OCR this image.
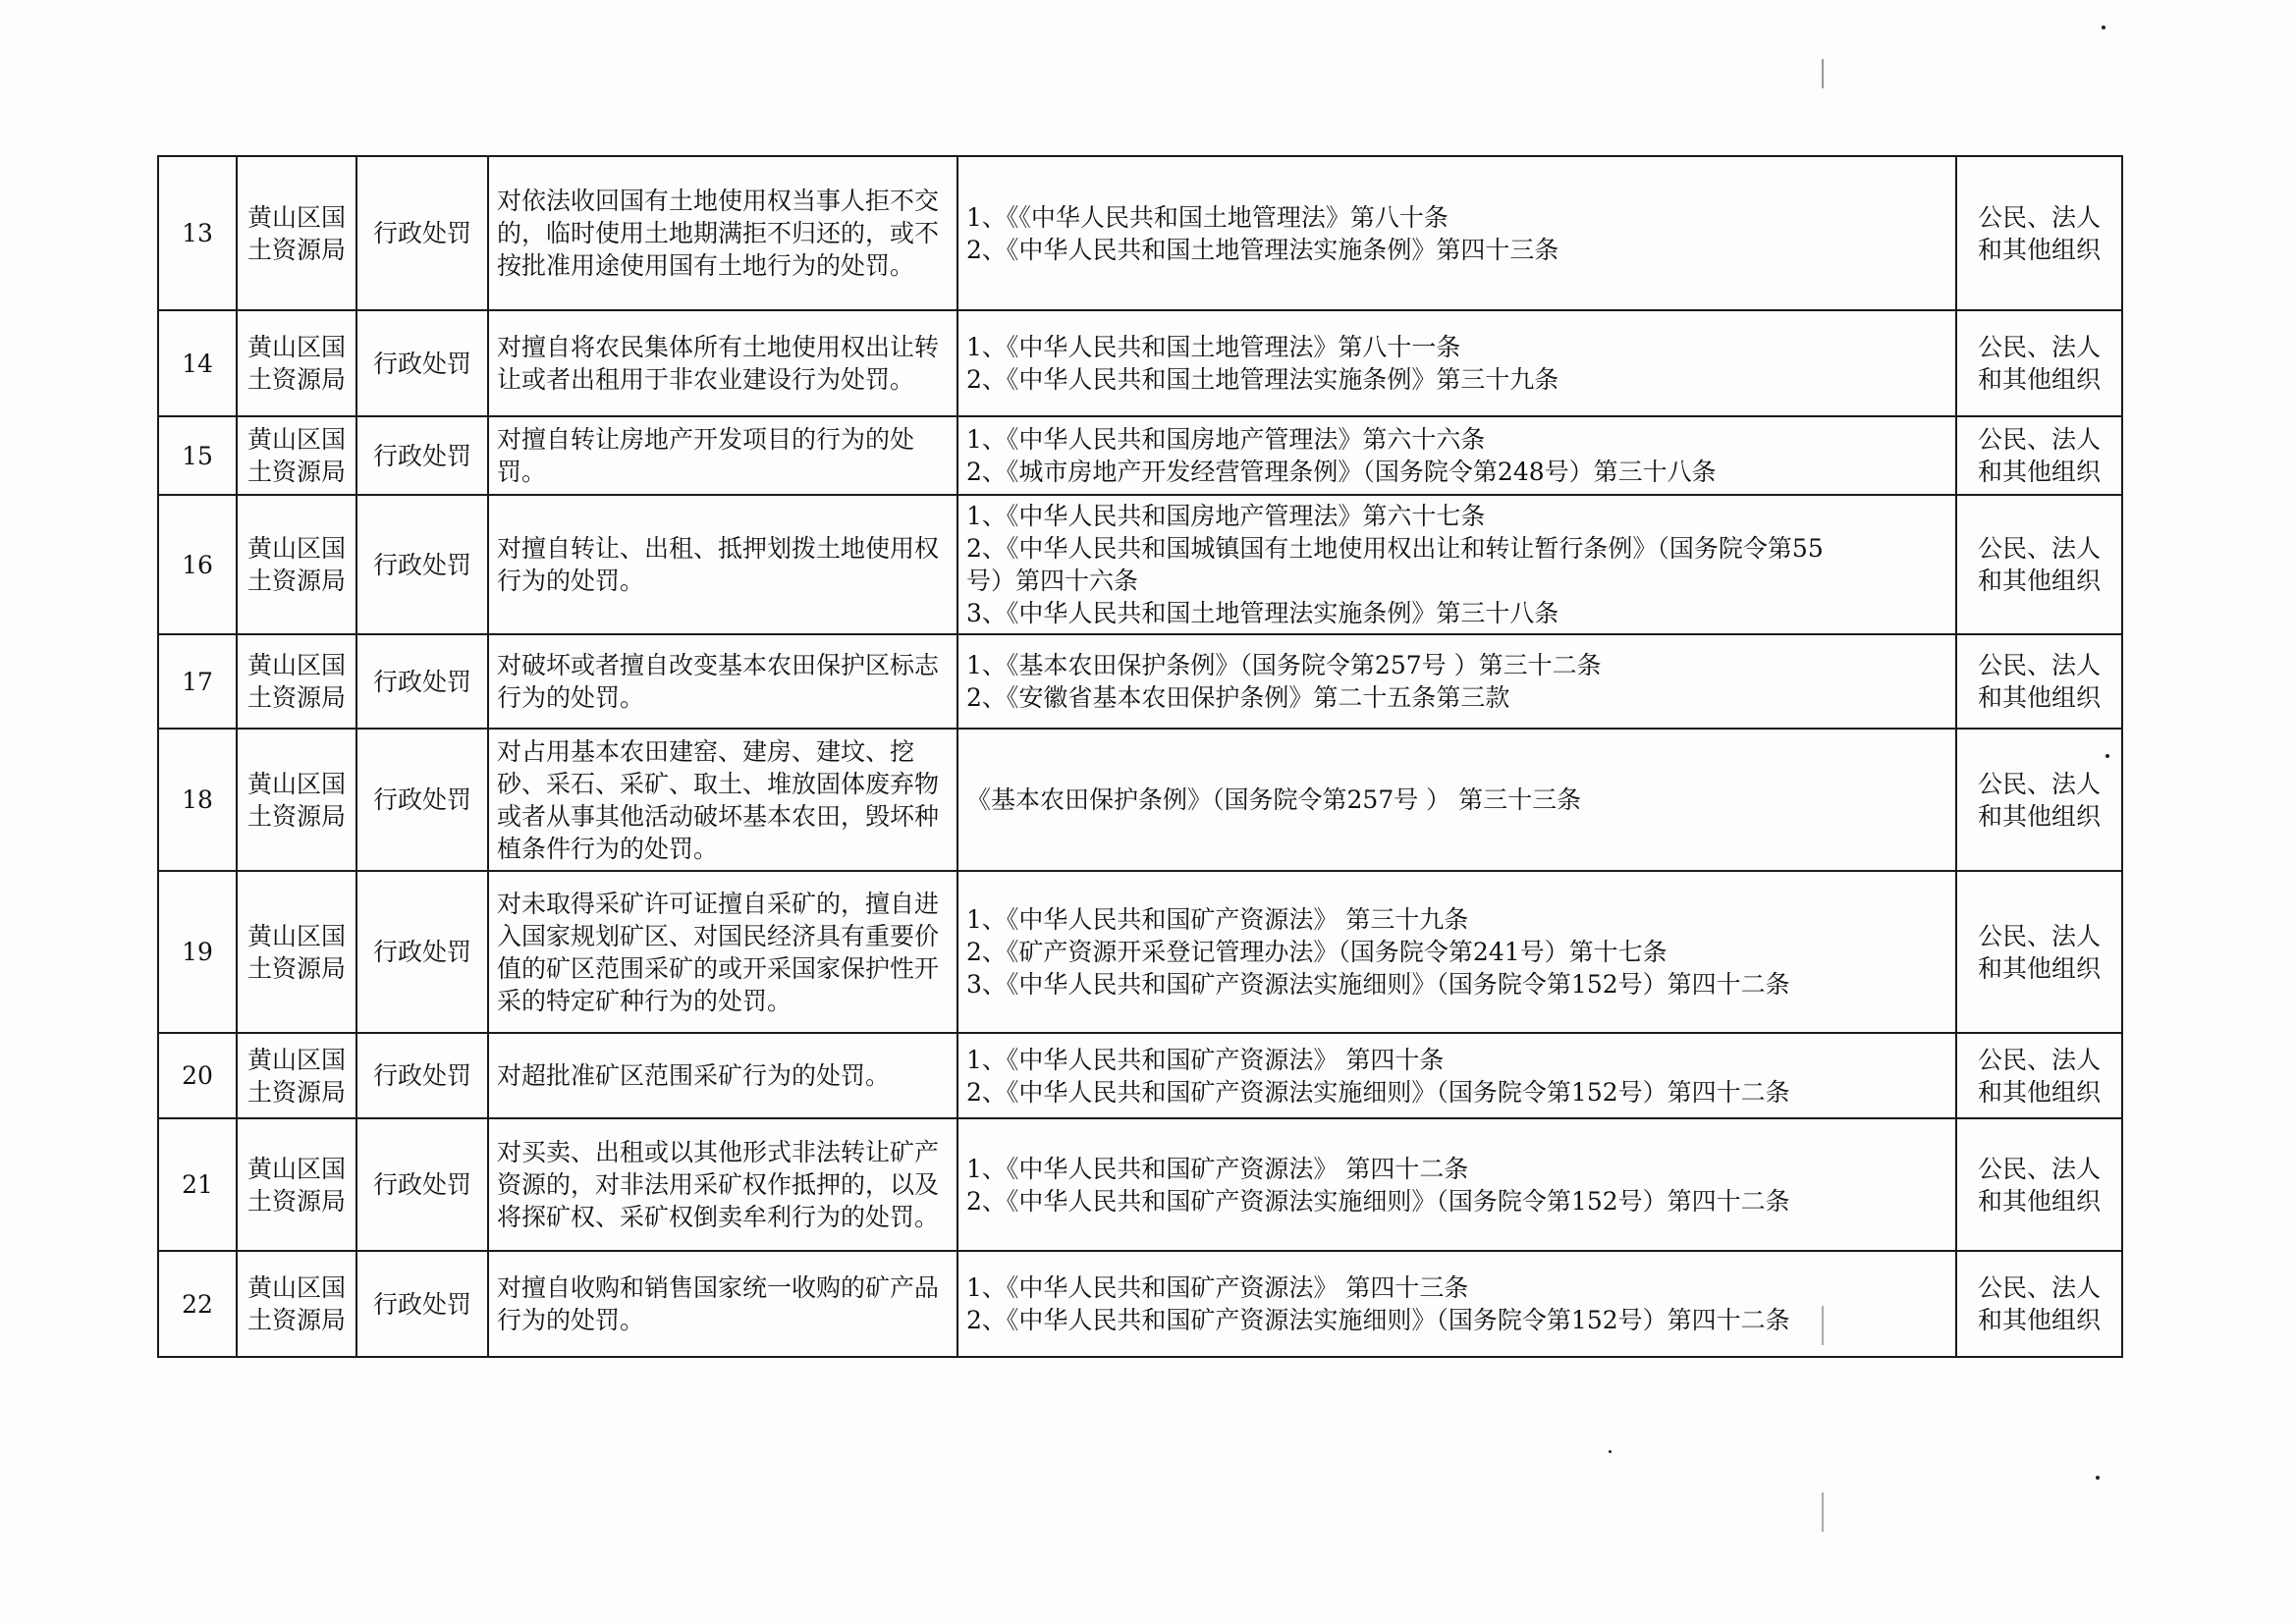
13	黄山区国
土资源局	行政处罚	对依法收回国有土地使用权当事人拒不交的，临时使用土地期满拒不归还的，或不按批准用途使用国有土地行为的处罚。	1、《《中华人民共和国土地管理法》第八十条
2、《中华人民共和国土地管理法实施条例》第四十三条	公民、法人
和其他组织

14	黄山区国
土资源局	行政处罚	对擅自将农民集体所有土地使用权出让转让或者出租用于非农业建设行为处罚。	1、《中华人民共和国土地管理法》第八十一条
2、《中华人民共和国土地管理法实施条例》第三十九条	公民、法人
和其他组织

15	黄山区国
土资源局	行政处罚	对擅自转让房地产开发项目的行为的处罚。	1、《中华人民共和国房地产管理法》第六十六条
2、《城市房地产开发经营管理条例》（国务院令第248号）第三十八条	公民、法人
和其他组织

16	黄山区国
土资源局	行政处罚	对擅自转让、出租、抵押划拨土地使用权行为的处罚。	1、《中华人民共和国房地产管理法》第六十七条
2、《中华人民共和国城镇国有土地使用权出让和转让暂行条例》（国务院令第55
号）第四十六条
3、《中华人民共和国土地管理法实施条例》第三十八条	公民、法人
和其他组织

17	黄山区国
土资源局	行政处罚	对破坏或者擅自改变基本农田保护区标志行为的处罚。	1、《基本农田保护条例》（国务院令第257号 ）第三十二条
2、《安徽省基本农田保护条例》第二十五条第三款	公民、法人
和其他组织

18	黄山区国
土资源局	行政处罚	对占用基本农田建窑、建房、建坟、挖砂、采石、采矿、取土、堆放固体废弃物或者从事其他活动破坏基本农田，毁坏种植条件行为的处罚。	《基本农田保护条例》（国务院令第257号 ） 第三十三条	公民、法人
和其他组织

19	黄山区国
土资源局	行政处罚	对未取得采矿许可证擅自采矿的，擅自进入国家规划矿区、对国民经济具有重要价值的矿区范围采矿的或开采国家保护性开采的特定矿种行为的处罚。	1、《中华人民共和国矿产资源法》 第三十九条
2、《矿产资源开采登记管理办法》（国务院令第241号）第十七条
3、《中华人民共和国矿产资源法实施细则》（国务院令第152号）第四十二条	公民、法人
和其他组织

20	黄山区国
土资源局	行政处罚	对超批准矿区范围采矿行为的处罚。	1、《中华人民共和国矿产资源法》 第四十条
2、《中华人民共和国矿产资源法实施细则》（国务院令第152号）第四十二条	公民、法人
和其他组织

21	黄山区国
土资源局	行政处罚	对买卖、出租或以其他形式非法转让矿产资源的，对非法用采矿权作抵押的，以及将探矿权、采矿权倒卖牟利行为的处罚。	1、《中华人民共和国矿产资源法》 第四十二条
2、《中华人民共和国矿产资源法实施细则》（国务院令第152号）第四十二条	公民、法人
和其他组织

22	黄山区国
土资源局	行政处罚	对擅自收购和销售国家统一收购的矿产品行为的处罚。	1、《中华人民共和国矿产资源法》 第四十三条
2、《中华人民共和国矿产资源法实施细则》（国务院令第152号）第四十二条	公民、法人
和其他组织
